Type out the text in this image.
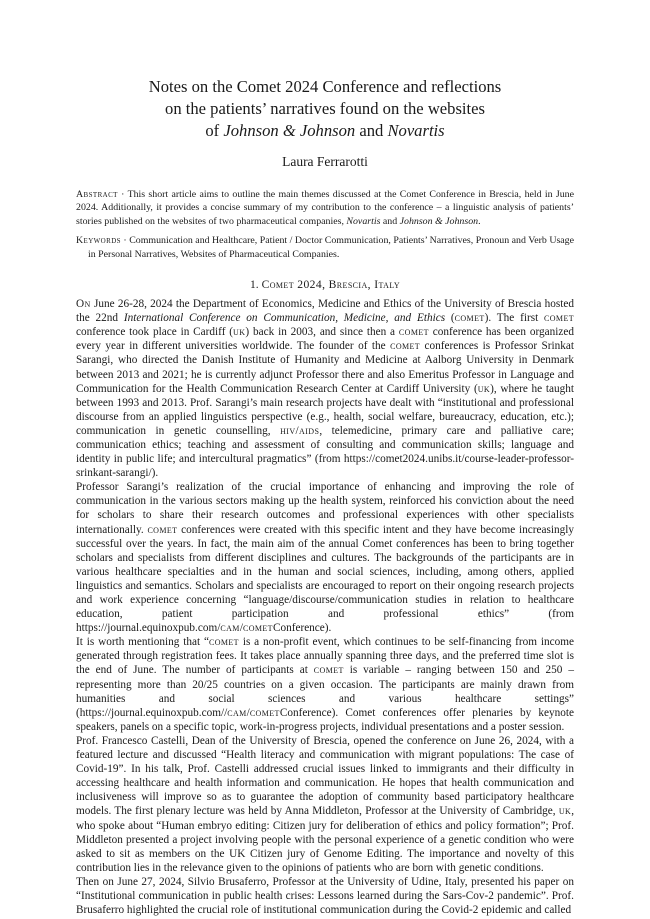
Notes on the Comet 2024 Conference and reflections
on the patients’ narratives found on the websites
of Johnson & Johnson and Novartis
Laura Ferrarotti

Abstract · This short article aims to outline the main themes discussed at the Comet Conference in Brescia, held in June 2024. Additionally, it provides a concise summary of my contribution to the conference – a linguistic analysis of patients’ stories published on the websites of two pharmaceutical companies, Novartis and Johnson & Johnson.

Keywords · Communication and Healthcare, Patient / Doctor Communication, Patients’ Narratives, Pronoun and Verb Usage in Personal Narratives, Websites of Pharmaceutical Companies.

1. Comet 2024, Brescia, Italy

On June 26-28, 2024 the Department of Economics, Medicine and Ethics of the University of Brescia hosted the 22nd International Conference on Communication, Medicine, and Ethics (comet). The first comet conference took place in Cardiff (uk) back in 2003, and since then a comet conference has been organized every year in different universities worldwide. The founder of the comet conferences is Professor Srinkat Sarangi, who directed the Danish Institute of Humanity and Medicine at Aalborg University in Denmark between 2013 and 2021; he is currently adjunct Professor there and also Emeritus Professor in Language and Communication for the Health Communication Research Center at Cardiff University (uk), where he taught between 1993 and 2013. Prof. Sarangi’s main research projects have dealt with “institutional and professional discourse from an applied linguistics perspective (e.g., health, social welfare, bureaucracy, education, etc.); communication in genetic counselling, hiv/aids, telemedicine, primary care and palliative care; communication ethics; teaching and assessment of consulting and communication skills; language and identity in public life; and intercultural pragmatics” (from https://comet2024.unibs.it/course-leader-professor-srinkant-sarangi/).

Professor Sarangi’s realization of the crucial importance of enhancing and improving the role of communication in the various sectors making up the health system, reinforced his conviction about the need for scholars to share their research outcomes and professional experiences with other specialists internationally. comet conferences were created with this specific intent and they have become increasingly successful over the years. In fact, the main aim of the annual Comet conferences has been to bring together scholars and specialists from different disciplines and cultures. The backgrounds of the participants are in various healthcare specialties and in the human and social sciences, including, among others, applied linguistics and semantics. Scholars and specialists are encouraged to report on their ongoing research projects and work experience concerning “language/discourse/communication studies in relation to healthcare education, patient participation and professional ethics” (from https://journal.equinoxpub.com/cam/cometConference).

It is worth mentioning that “comet is a non-profit event, which continues to be self-financing from income generated through registration fees. It takes place annually spanning three days, and the preferred time slot is the end of June. The number of participants at comet is variable – ranging between 150 and 250 – representing more than 20/25 countries on a given occasion. The participants are mainly drawn from humanities and social sciences and various healthcare settings” (https://journal.equinoxpub.com//cam/cometConference). Comet conferences offer plenaries by keynote speakers, panels on a specific topic, work-in-progress projects, individual presentations and a poster session.

Prof. Francesco Castelli, Dean of the University of Brescia, opened the conference on June 26, 2024, with a featured lecture and discussed “Health literacy and communication with migrant populations: The case of Covid-19”. In his talk, Prof. Castelli addressed crucial issues linked to immigrants and their difficulty in accessing healthcare and health information and communication. He hopes that health communication and inclusiveness will improve so as to guarantee the adoption of community based participatory healthcare models. The first plenary lecture was held by Anna Middleton, Professor at the University of Cambridge, uk, who spoke about “Human embryo editing: Citizen jury for deliberation of ethics and policy formation”; Prof. Middleton presented a project involving people with the personal experience of a genetic condition who were asked to sit as members on the UK Citizen jury of Genome Editing. The importance and novelty of this contribution lies in the relevance given to the opinions of patients who are born with genetic conditions.

Then on June 27, 2024, Silvio Brusaferro, Professor at the University of Udine, Italy, presented his paper on “Institutional communication in public health crises: Lessons learned during the Sars-Cov-2 pandemic”. Prof. Brusaferro highlighted the crucial role of institutional communication during the Covid-2 epidemic and called
